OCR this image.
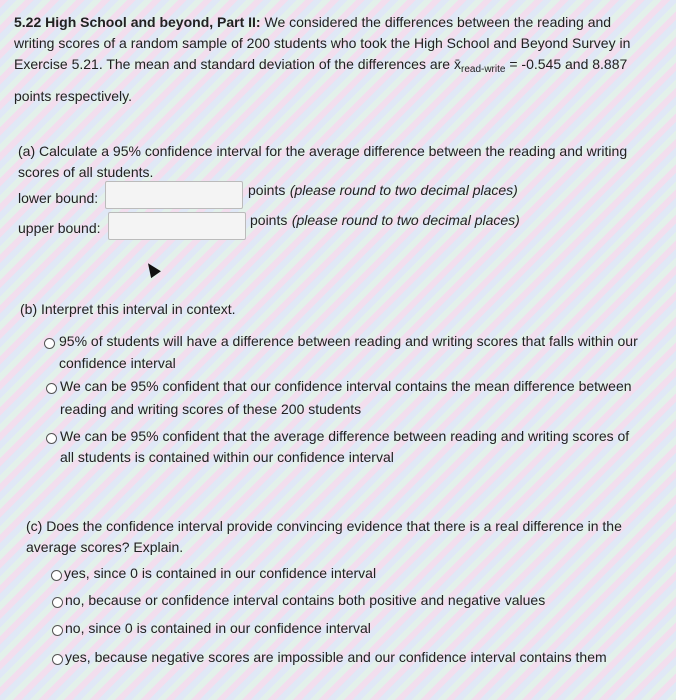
5.22 High School and beyond, Part II: We considered the differences between the reading and
writing scores of a random sample of 200 students who took the High School and Beyond Survey in
Exercise 5.21. The mean and standard deviation of the differences are $x̄_{read-write} = -0.545$ and 8.887
points respectively.
(a) Calculate a 95% confidence interval for the average difference between the reading and writing
scores of all students.
lower bound:	points (please round to two decimal places)
upper bound:	points (please round to two decimal places)
(b) Interpret this interval in context.
95% of students will have a difference between reading and writing scores that falls within our
confidence interval
We can be 95% confident that our confidence interval contains the mean difference between
reading and writing scores of these 200 students
We can be 95% confident that the average difference between reading and writing scores of
all students is contained within our confidence interval
(c) Does the confidence interval provide convincing evidence that there is a real difference in the
average scores? Explain.
yes, since 0 is contained in our confidence interval
no, because or confidence interval contains both positive and negative values
no, since 0 is contained in our confidence interval
yes, because negative scores are impossible and our confidence interval contains them
